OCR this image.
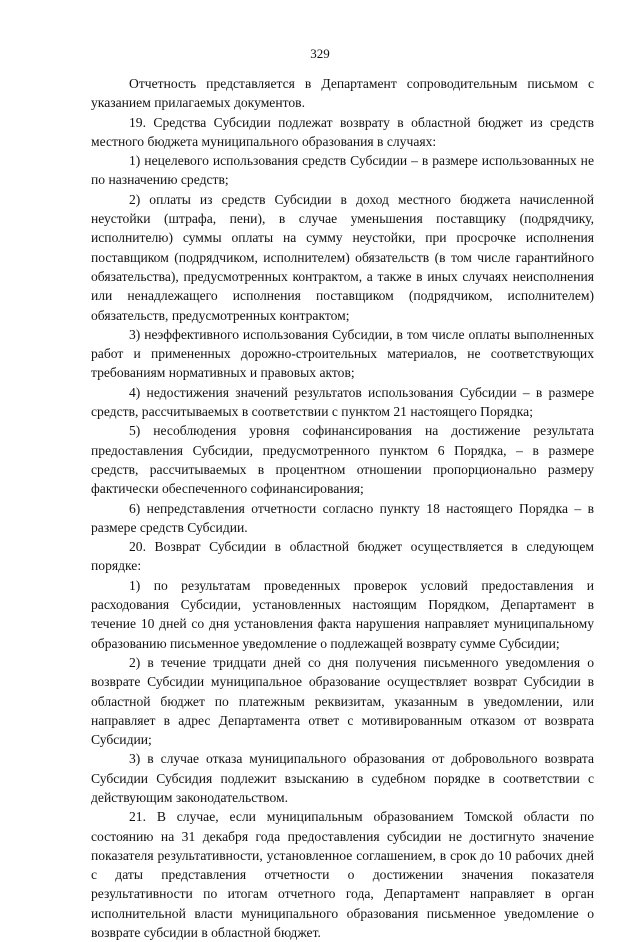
329

Отчетность представляется в Департамент сопроводительным письмом с указанием прилагаемых документов.

19. Средства Субсидии подлежат возврату в областной бюджет из средств местного бюджета муниципального образования в случаях:

1) нецелевого использования средств Субсидии – в размере использованных не по назначению средств;

2) оплаты из средств Субсидии в доход местного бюджета начисленной неустойки (штрафа, пени), в случае уменьшения поставщику (подрядчику, исполнителю) суммы оплаты на сумму неустойки, при просрочке исполнения поставщиком (подрядчиком, исполнителем) обязательств (в том числе гарантийного обязательства), предусмотренных контрактом, а также в иных случаях неисполнения или ненадлежащего исполнения поставщиком (подрядчиком, исполнителем) обязательств, предусмотренных контрактом;

3) неэффективного использования Субсидии, в том числе оплаты выполненных работ и примененных дорожно-строительных материалов, не соответствующих требованиям нормативных и правовых актов;

4) недостижения значений результатов использования Субсидии – в размере средств, рассчитываемых в соответствии с пунктом 21 настоящего Порядка;

5) несоблюдения уровня софинансирования на достижение результата предоставления Субсидии, предусмотренного пунктом 6 Порядка, – в размере средств, рассчитываемых в процентном отношении пропорционально размеру фактически обеспеченного софинансирования;

6) непредставления отчетности согласно пункту 18 настоящего Порядка – в размере средств Субсидии.

20. Возврат Субсидии в областной бюджет осуществляется в следующем порядке:

1) по результатам проведенных проверок условий предоставления и расходования Субсидии, установленных настоящим Порядком, Департамент в течение 10 дней со дня установления факта нарушения направляет муниципальному образованию письменное уведомление о подлежащей возврату сумме Субсидии;

2) в течение тридцати дней со дня получения письменного уведомления о возврате Субсидии муниципальное образование осуществляет возврат Субсидии в областной бюджет по платежным реквизитам, указанным в уведомлении, или направляет в адрес Департамента ответ с мотивированным отказом от возврата Субсидии;

3) в случае отказа муниципального образования от добровольного возврата Субсидии Субсидия подлежит взысканию в судебном порядке в соответствии с действующим законодательством.

21. В случае, если муниципальным образованием Томской области по состоянию на 31 декабря года предоставления субсидии не достигнуто значение показателя результативности, установленное соглашением, в срок до 10 рабочих дней с даты представления отчетности о достижении значения показателя результативности по итогам отчетного года, Департамент направляет в орган исполнительной власти муниципального образования письменное уведомление о возврате субсидии в областной бюджет.
